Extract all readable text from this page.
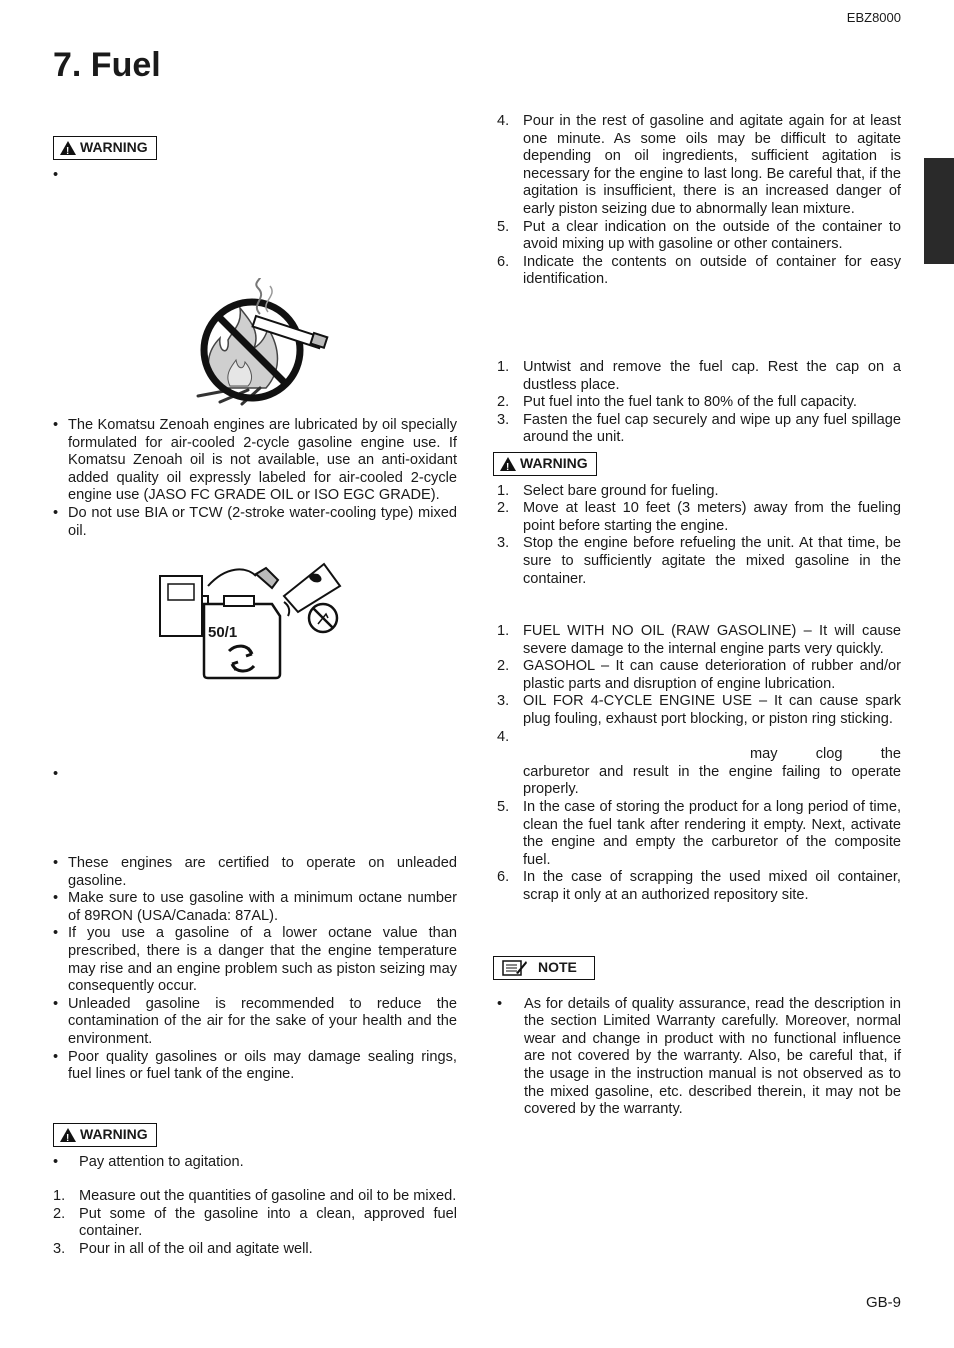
EBZ8000
7. Fuel
GB-9
!
WARNING

•

• The Komatsu Zenoah engines are lubricated by oil specially formulated for air-cooled 2-cycle gasoline engine use. If Komatsu Zenoah oil is not available, use an anti-oxidant added quality oil expressly labeled for air-cooled 2-cycle engine use (JASO FC GRADE OIL or ISO EGC GRADE).
• Do not use BIA or TCW (2-stroke water-cooling type) mixed oil.
50/1

•

• These engines are certified to operate on unleaded gasoline.
• Make sure to use gasoline with a minimum octane number of 89RON (USA/Canada: 87AL).
• If you use a gasoline of a lower octane value than prescribed, there is a danger that the engine temperature may rise and an engine problem such as piston seizing may consequently occur.
• Unleaded gasoline is recommended to reduce the contamination of the air for the sake of your health and the environment.
• Poor quality gasolines or oils may damage sealing rings, fuel lines or fuel tank of the engine.
!
WARNING
•	Pay attention to agitation.
1. Measure out the quantities of gasoline and oil to be mixed.
2. Put some of the gasoline into a clean, approved fuel container.
3. Pour in all of the oil and agitate well.
4. Pour in the rest of gasoline and agitate again for at least one minute. As some oils may be difficult to agitate depending on oil ingredients, sufficient agitation is necessary for the engine to last long. Be careful that, if the agitation is insufficient, there is an increased danger of early piston seizing due to abnormally lean mixture.
5. Put a clear indication on the outside of the container to avoid mixing up with gasoline or other containers.
6. Indicate the contents on outside of container for easy identification.
1. Untwist and remove the fuel cap. Rest the cap on a dustless place.
2. Put fuel into the fuel tank to 80% of the full capacity.
3. Fasten the fuel cap securely and wipe up any fuel spillage around the unit.
!
WARNING
1. Select bare ground for fueling.
2. Move at least 10 feet (3 meters) away from the fueling point before starting the engine.
3. Stop the engine before refueling the unit. At that time, be sure to sufficiently agitate the mixed gasoline in the container.
1. FUEL WITH NO OIL (RAW GASOLINE) – It will cause severe damage to the internal engine parts very quickly.
2. GASOHOL – It can cause deterioration of rubber and/or plastic parts and disruption of engine lubrication.
3. OIL FOR 4-CYCLE ENGINE USE – It can cause spark plug fouling, exhaust port blocking, or piston ring sticking.
4.
may clog the carburetor and result in the engine failing to operate properly.
5. In the case of storing the product for a long period of time, clean the fuel tank after rendering it empty. Next, activate the engine and empty the carburetor of the composite fuel.
6. In the case of scrapping the used mixed oil container, scrap it only at an authorized repository site.
NOTE
•	As for details of quality assurance, read the description in the section Limited Warranty carefully. Moreover, normal wear and change in product with no functional influence are not covered by the warranty. Also, be careful that, if the usage in the instruction manual is not observed as to the mixed gasoline, etc. described therein, it may not be covered by the warranty.
